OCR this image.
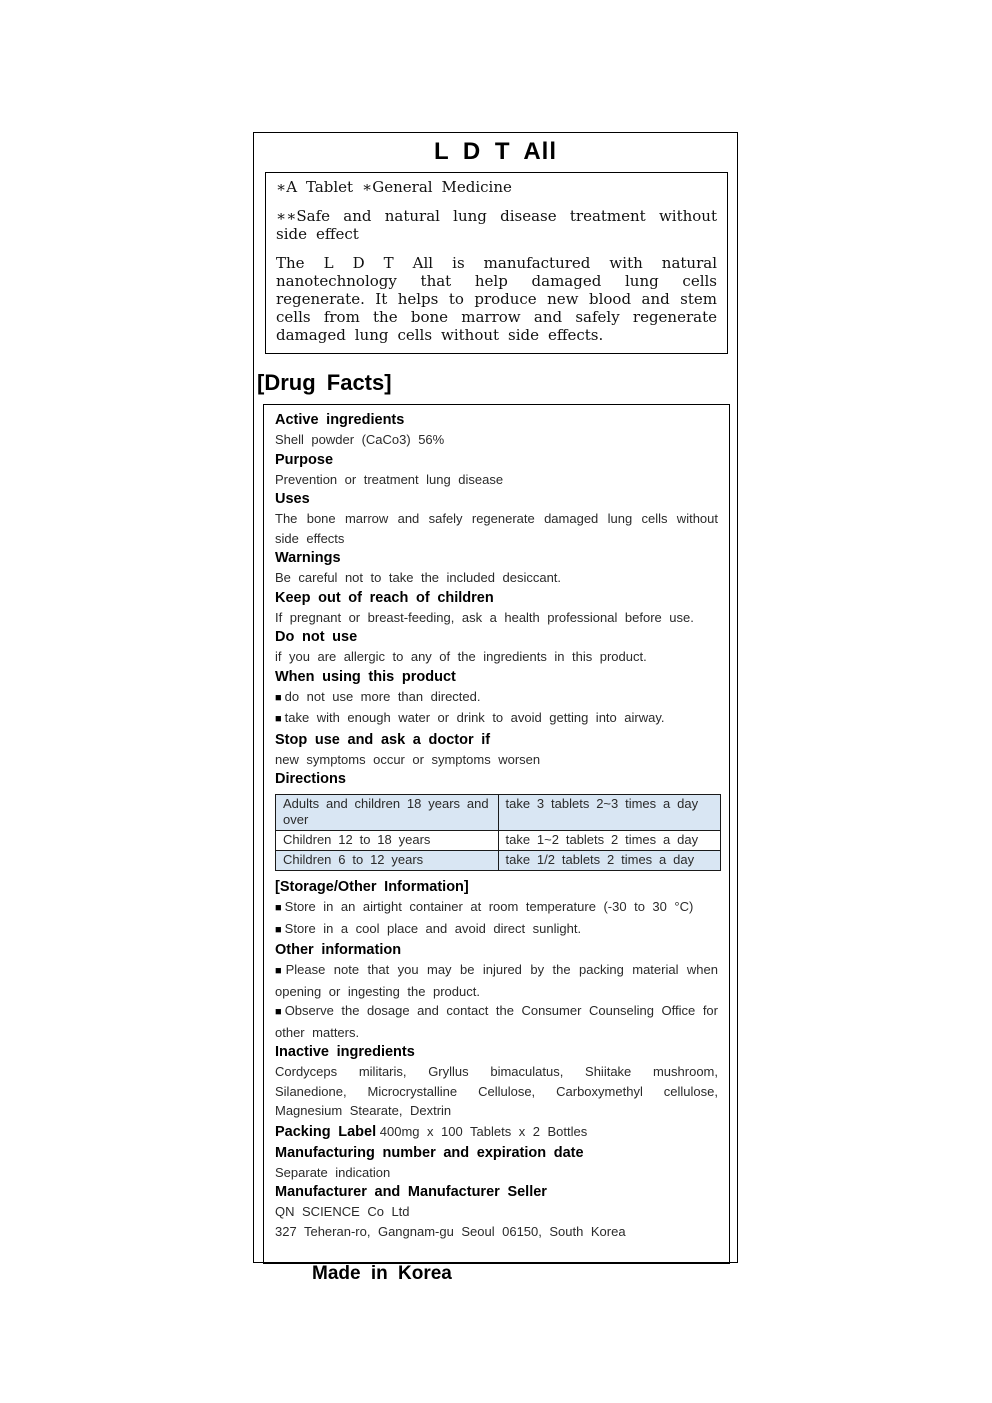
L D T All

∗A Tablet ∗General Medicine

∗∗Safe and natural lung disease treatment without side effect

The L D T All is manufactured with natural nanotechnology that help damaged lung cells regenerate. It helps to produce new blood and stem cells from the bone marrow and safely regenerate damaged lung cells without side effects.

[Drug Facts]
Active ingredients
Shell powder (CaCo3) 56%
Purpose
Prevention or treatment lung disease
Uses
The bone marrow and safely regenerate damaged lung cells without side effects
Warnings
Be careful not to take the included desiccant.
Keep out of reach of children
If pregnant or breast-feeding, ask a health professional before use.
Do not use
if you are allergic to any of the ingredients in this product.
When using this product
■ do not use more than directed.
■ take with enough water or drink to avoid getting into airway.
Stop use and ask a doctor if
new symptoms occur or symptoms worsen
Directions
Adults and children 18 years and over	take 3 tablets 2~3 times a day
Children 12 to 18 years	take 1~2 tablets 2 times a day
Children 6 to 12 years	take 1/2 tablets 2 times a day
[Storage/Other Information]
■ Store in an airtight container at room temperature (-30 to 30 °C)
■ Store in a cool place and avoid direct sunlight.
Other information
■ Please note that you may be injured by the packing material when opening or ingesting the product.
■ Observe the dosage and contact the Consumer Counseling Office for other matters.
Inactive ingredients
Cordyceps militaris, Gryllus bimaculatus, Shiitake mushroom, Silanedione, Microcrystalline Cellulose, Carboxymethyl cellulose, Magnesium Stearate, Dextrin
Packing Label 400mg x 100 Tablets x 2 Bottles
Manufacturing number and expiration date
Separate indication
Manufacturer and Manufacturer Seller
QN SCIENCE Co Ltd
327 Teheran-ro, Gangnam-gu Seoul 06150, South Korea
Made in Korea
